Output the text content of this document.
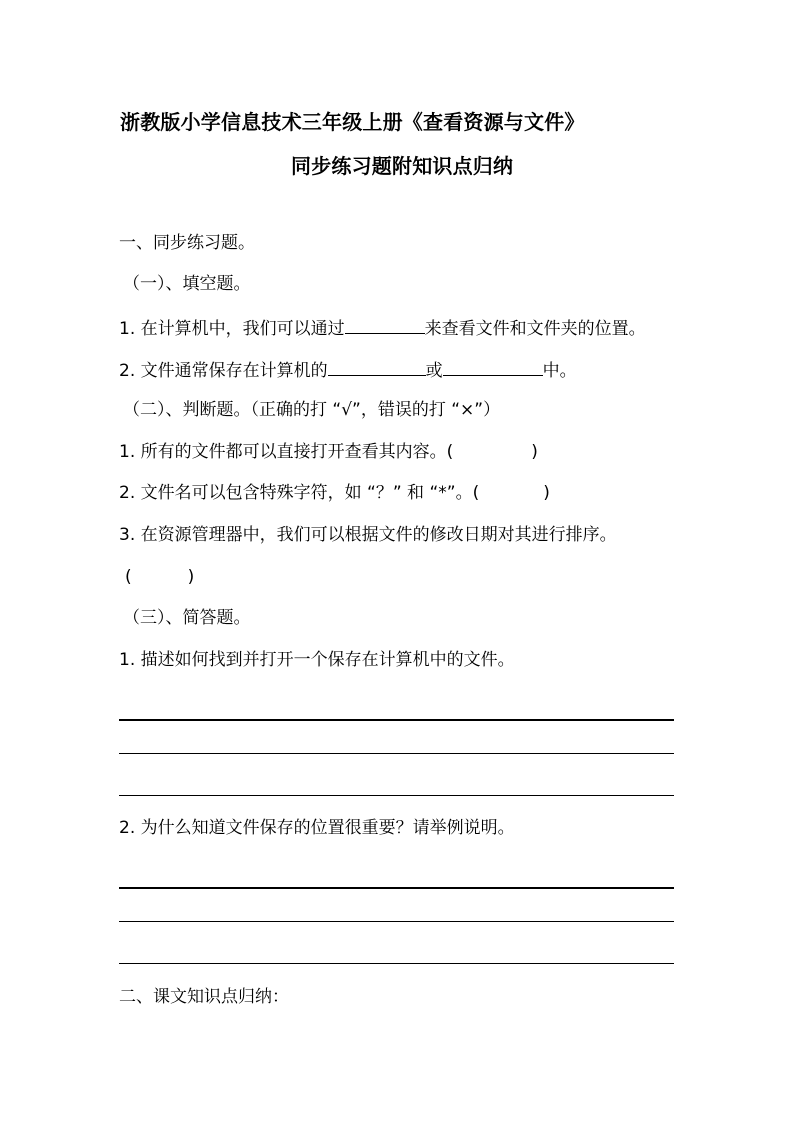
浙教版小学信息技术三年级上册《查看资源与文件》
同步练习题附知识点归纳
一、同步练习题。
（一）、填空题。
1. 在计算机中，我们可以通过	来查看文件和文件夹的位置。
2. 文件通常保存在计算机的	或	中。
（二）、判断题。（正确的打 “√”，错误的打 “×”）
1. 所有的文件都可以直接打开查看其内容。(	)
2. 文件名可以包含特殊字符，如 “？” 和 “*”。(	)
3. 在资源管理器中，我们可以根据文件的修改日期对其进行排序。
(	)
（三）、简答题。
1. 描述如何找到并打开一个保存在计算机中的文件。
2. 为什么知道文件保存的位置很重要？请举例说明。
二、课文知识点归纳：
